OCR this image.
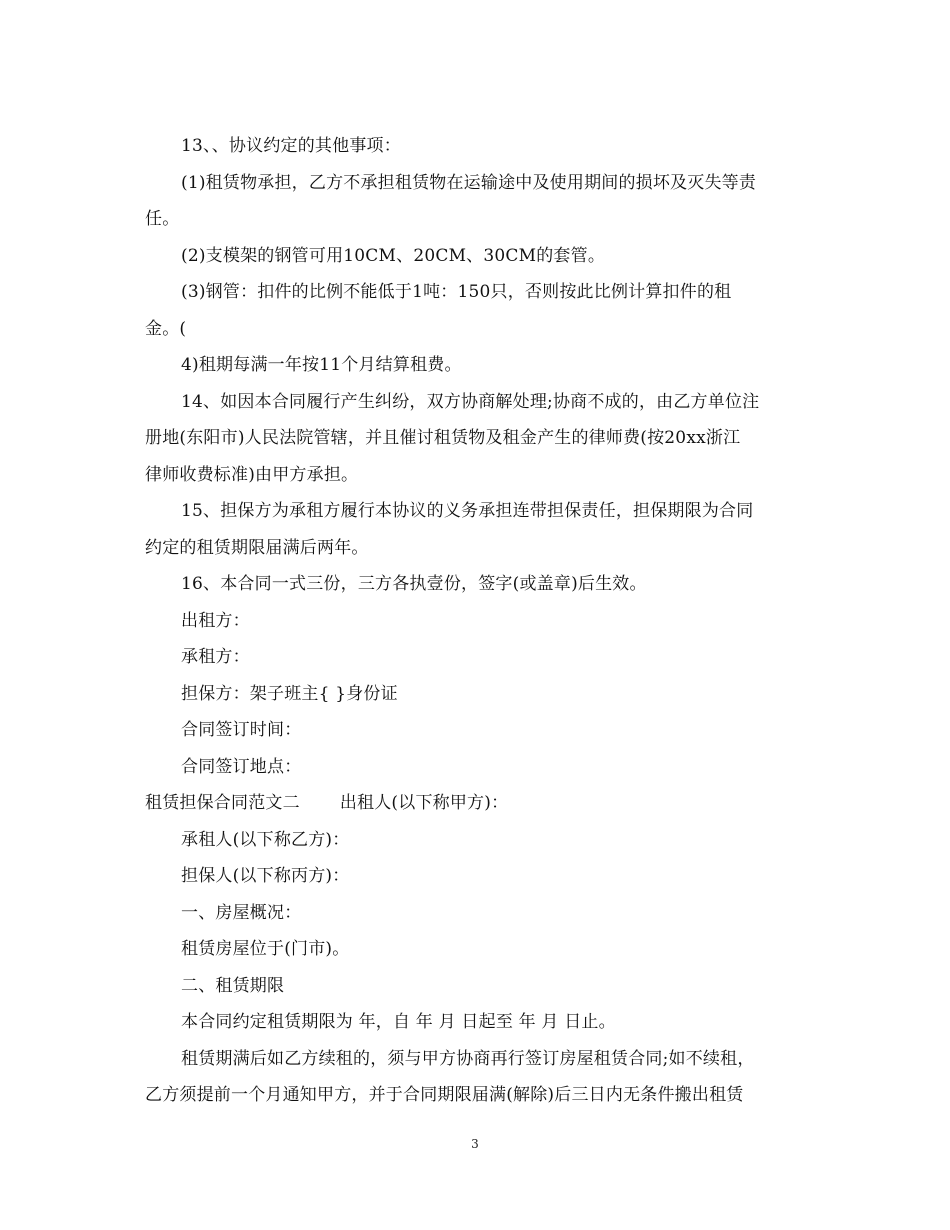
13、、协议约定的其他事项：
(1)租赁物承担，乙方不承担租赁物在运输途中及使用期间的损坏及灭失等责
任。
(2)支模架的钢管可用10CM、20CM、30CM的套管。
(3)钢管：扣件的比例不能低于1吨：150只，否则按此比例计算扣件的租
金。(
4)租期每满一年按11个月结算租费。
14、如因本合同履行产生纠纷，双方协商解处理;协商不成的，由乙方单位注
册地(东阳市)人民法院管辖，并且催讨租赁物及租金产生的律师费(按20xx浙江
律师收费标准)由甲方承担。
15、担保方为承租方履行本协议的义务承担连带担保责任，担保期限为合同
约定的租赁期限届满后两年。
16、本合同一式三份，三方各执壹份，签字(或盖章)后生效。
出租方：
承租方：
担保方：架子班主{ }身份证
合同签订时间：
合同签订地点：
租赁担保合同范文二 出租人(以下称甲方)：
承租人(以下称乙方)：
担保人(以下称丙方)：
一、房屋概况：
租赁房屋位于(门市)。
二、租赁期限
本合同约定租赁期限为 年，自 年 月 日起至 年 月 日止。
租赁期满后如乙方续租的，须与甲方协商再行签订房屋租赁合同;如不续租，
乙方须提前一个月通知甲方，并于合同期限届满(解除)后三日内无条件搬出租赁
3
